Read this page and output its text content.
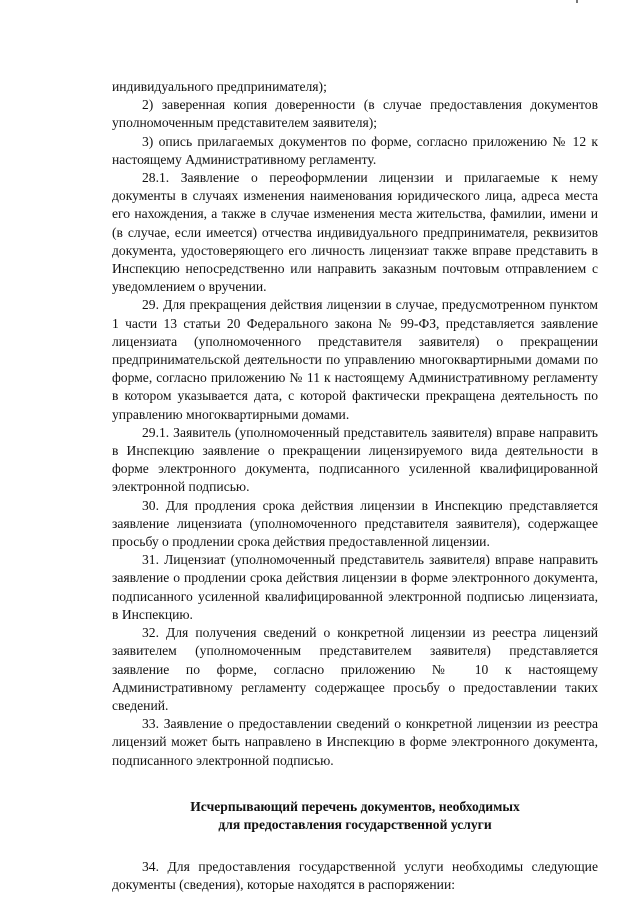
индивидуального предпринимателя);

2) заверенная копия доверенности (в случае предоставления документов уполномоченным представителем заявителя);

3) опись прилагаемых документов по форме, согласно приложению № 12 к настоящему Административному регламенту.

28.1. Заявление о переоформлении лицензии и прилагаемые к нему документы в случаях изменения наименования юридического лица, адреса места его нахождения, а также в случае изменения места жительства, фамилии, имени и (в случае, если имеется) отчества индивидуального предпринимателя, реквизитов документа, удостоверяющего его личность лицензиат также вправе представить в Инспекцию непосредственно или направить заказным почтовым отправлением с уведомлением о вручении.

29. Для прекращения действия лицензии в случае, предусмотренном пунктом 1 части 13 статьи 20 Федерального закона № 99-ФЗ, представляется заявление лицензиата (уполномоченного представителя заявителя) о прекращении предпринимательской деятельности по управлению многоквартирными домами по форме, согласно приложению № 11 к настоящему Административному регламенту в котором указывается дата, с которой фактически прекращена деятельность по управлению многоквартирными домами.

29.1. Заявитель (уполномоченный представитель заявителя) вправе направить в Инспекцию заявление о прекращении лицензируемого вида деятельности в форме электронного документа, подписанного усиленной квалифицированной электронной подписью.

30. Для продления срока действия лицензии в Инспекцию представляется заявление лицензиата (уполномоченного представителя заявителя), содержащее просьбу о продлении срока действия предоставленной лицензии.

31. Лицензиат (уполномоченный представитель заявителя) вправе направить заявление о продлении срока действия лицензии в форме электронного документа, подписанного усиленной квалифицированной электронной подписью лицензиата, в Инспекцию.

32. Для получения сведений о конкретной лицензии из реестра лицензий заявителем (уполномоченным представителем заявителя) представляется заявление по форме, согласно приложению № 10 к настоящему Административному регламенту содержащее просьбу о предоставлении таких сведений.

33. Заявление о предоставлении сведений о конкретной лицензии из реестра лицензий может быть направлено в Инспекцию в форме электронного документа, подписанного электронной подписью.

Исчерпывающий перечень документов, необходимых
для предоставления государственной услуги

34. Для предоставления государственной услуги необходимы следующие документы (сведения), которые находятся в распоряжении:
